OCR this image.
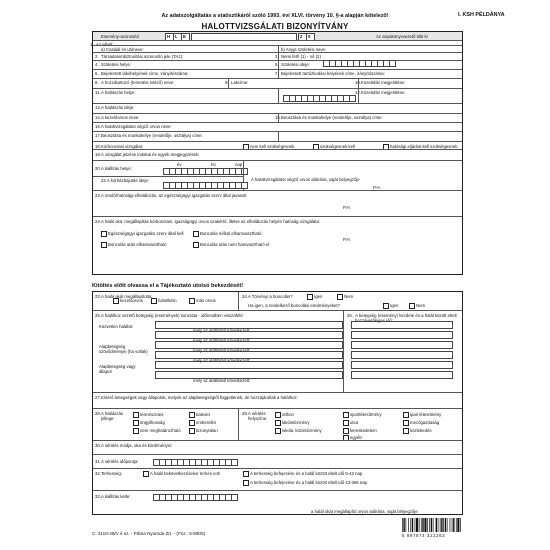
Az adatszolgáltatás a statisztikáról szóló 1993. évi XLVI. törvény 10. §-a alapján kötelező!
HALOTTVIZSGÁLATI BIZONYÍTVÁNY
I. KSH PÉLDÁNYA
Esemény-azonosító	H L E	2 0	Az anyakönyvvezető tölti ki
1. Az elhalt:
a) Családi és utóneve:	b) Anyja születési neve:
2. Társadalombiztosítási azonosító jele (TAJ):	3. Nemi férfi (1) - nő (2)
4. Születési helye:	5. Születési ideje:
6. Bejelentett lakóhelyének címe, irányítószáma:	7. Bejelentett tartózkodási helyének címe, irányítószáma:
8. A hozzátartozó (temetést intéző) neve:	9. Lakcíme:	10. Közelebbi megjelölése:
11. A halálozás helye:	12. Közelebbi megjelölése:
13. A halálozás ideje:
14. A kezelőorvos neve:	15. Beosztása és munkahelye (rendelője, osztálya) címe:
16. A halottvizsgálatot végző orvos neve:
17. Beosztása és munkahelye (rendelője, osztálya) címe:
18. Kórbonctani vizsgálat:	nem kell szükségesnek	szükségesnek kell	hatósági eljárást kell szükségesnek
19. A vizsgálat jelzése indokai és egyéb megjegyzések:
20. A kiállítás helye:
év	hó	nap
P.H.
A halottvizsgálatot végző orvos aláírása, saját bélyegzője
22. A kórházbajutás ideje:
23. A rendőrhatósági elhalálozás, az egészségügyi igazgatás szerv által javasolt
P.H.
24. A halál oka: megállapítás kórbonctani, igazságügyi orvos szakértő, illetve az elhalálozás helyén hatóság vizsgálata:
Egészségügyi igazgatási szerv által kell	Boncolás nélkül elhamvasztható
Boncolás után elhamvasztható	Boncolás után nem hamvasztható el
P.H.
Kitöltés előtt olvassa el a Tájékoztató utolsó bekezdését!
23. A halál okát megállapította:
kezelőorvos	halottkém	más orvos
24. A Törvényi a boncolás?	Igen	Nem
Ha igen, a rendelkező boncolási eredményeket?	Igen	Nem
25. A halálhoz vezető betegség (események) sorozata - időrendben visszafelé:	26. A betegség (esemény) kezdete és a halál között eltelt hozzávetőleges idő:
Közvetlen halálok
mely az alábbiból következett:
mely az alábbiból következett:
Alapbetegség szövődményei (ha voltak)	mely az alábbiból következett:
mely az alábbiból következett:
Alapbetegség vagy állapot
mely az alábbiból következett:
27. Kísérő betegségek vagy állapotok, melyek az alapbetegségtől függetlenek, de hozzájárultak a halálhoz:
28. A halálozás jellege:
természetes	baleset
öngyilkosság	emberölés
nem meghatározható	bizonytalan
29. A sérülés helyszíne:
otthon
lakóintézmény
iskola, közintézmény
sportlétesítmény
utca
kereskedelem
ipari létesítmény
mezőgazdaság
közlekedés
egyéb
30. A sérülés módja, oka és körülményei:
31. A sérülés időpontja:
32. Terhesség:	A halál bekövetkezésekor terhes volt	A terhesség befejezése és a halál között eltelt idő 0-42 nap
A terhesség befejezése és a halál között eltelt idő 43-365 nap
33. A kiállítás kelte:
a halál okát megállapító orvos aláírása, saját bélyegzője
C. 3110-49/V é sz. - Pátria Nyomda Zrt. - (Fsz.: 5-8900)	5 997874 321263
